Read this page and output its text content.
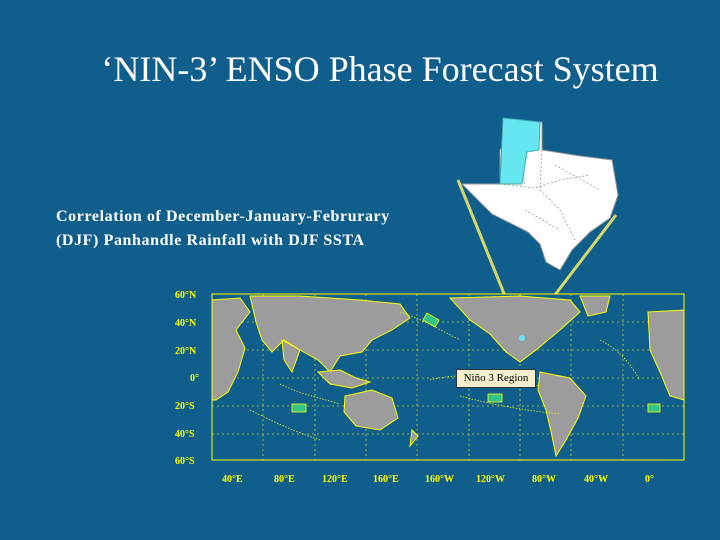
‘NIN-3’ ENSO Phase Forecast System
Correlation of December-January-Februrary
(DJF) Panhandle Rainfall with DJF SSTA
60°N
40°N
20°N
0°
20°S
40°S
60°S
40°E	80°E	120°E	160°E	160°W 120°W	80°W	40°W	0°
Niño 3 Region
